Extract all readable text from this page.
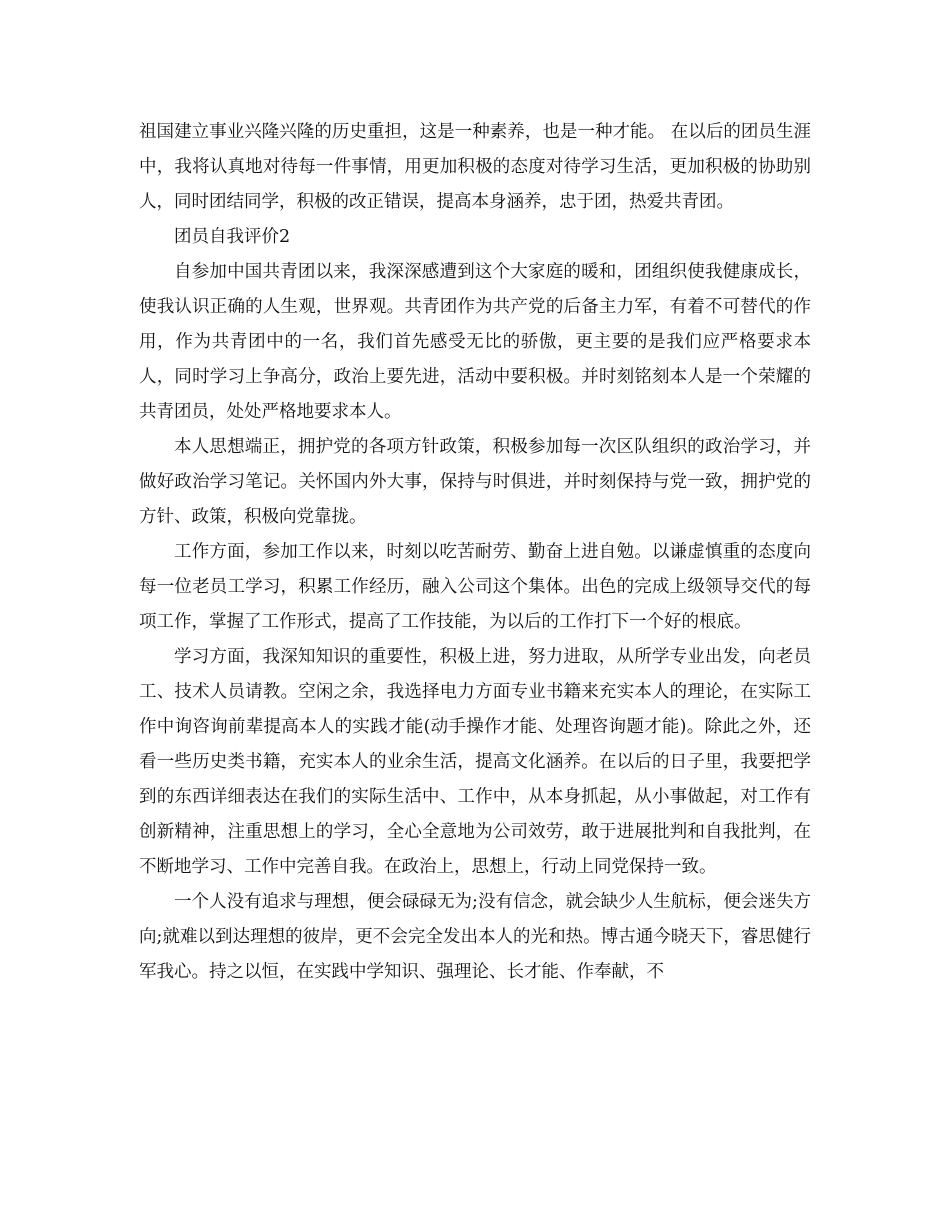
祖国建立事业兴隆兴隆的历史重担，这是一种素养，也是一种才能。 在以后的团员生涯中，我将认真地对待每一件事情，用更加积极的态度对待学习生活，更加积极的协助别人，同时团结同学，积极的改正错误，提高本身涵养，忠于团，热爱共青团。

团员自我评价2

自参加中国共青团以来，我深深感遭到这个大家庭的暖和，团组织使我健康成长，使我认识正确的人生观，世界观。共青团作为共产党的后备主力军，有着不可替代的作用，作为共青团中的一名，我们首先感受无比的骄傲，更主要的是我们应严格要求本人，同时学习上争高分，政治上要先进，活动中要积极。并时刻铭刻本人是一个荣耀的共青团员，处处严格地要求本人。

本人思想端正，拥护党的各项方针政策，积极参加每一次区队组织的政治学习，并做好政治学习笔记。关怀国内外大事，保持与时俱进，并时刻保持与党一致，拥护党的方针、政策，积极向党靠拢。

工作方面，参加工作以来，时刻以吃苦耐劳、勤奋上进自勉。以谦虚慎重的态度向每一位老员工学习，积累工作经历，融入公司这个集体。出色的完成上级领导交代的每项工作，掌握了工作形式，提高了工作技能，为以后的工作打下一个好的根底。

学习方面，我深知知识的重要性，积极上进，努力进取，从所学专业出发，向老员工、技术人员请教。空闲之余，我选择电力方面专业书籍来充实本人的理论，在实际工作中询咨询前辈提高本人的实践才能(动手操作才能、处理咨询题才能)。除此之外，还看一些历史类书籍，充实本人的业余生活，提高文化涵养。在以后的日子里，我要把学到的东西详细表达在我们的实际生活中、工作中，从本身抓起，从小事做起，对工作有创新精神，注重思想上的学习，全心全意地为公司效劳，敢于进展批判和自我批判，在不断地学习、工作中完善自我。在政治上，思想上，行动上同党保持一致。

一个人没有追求与理想，便会碌碌无为;没有信念，就会缺少人生航标，便会迷失方向;就难以到达理想的彼岸，更不会完全发出本人的光和热。博古通今晓天下，睿思健行军我心。持之以恒，在实践中学知识、强理论、长才能、作奉献，不
